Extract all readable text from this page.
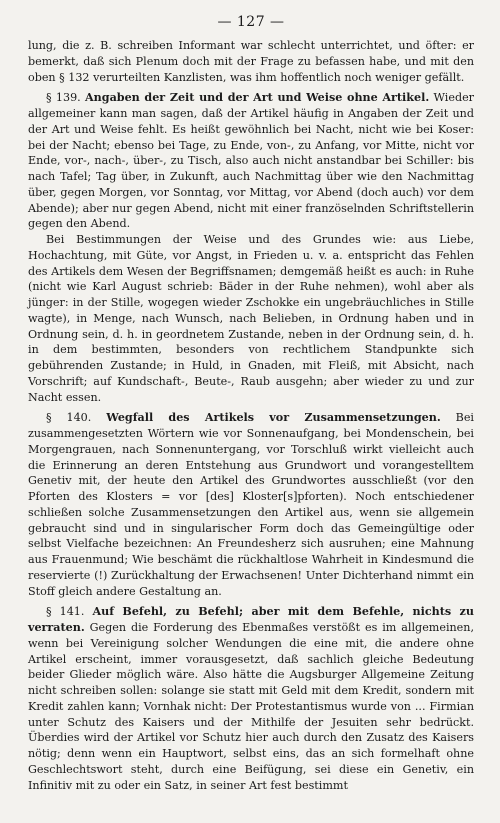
— 127 —

lung, die z. B. schreiben Informant war schlecht unterrichtet, und öfter: er bemerkt, daß sich Plenum doch mit der Frage zu befassen habe, und mit den oben § 132 verurteilten Kanzlisten, was ihm hoffentlich noch weniger gefällt.

§ 139. Angaben der Zeit und der Art und Weise ohne Artikel. Wieder allgemeiner kann man sagen, daß der Artikel häufig in Angaben der Zeit und der Art und Weise fehlt. Es heißt gewöhnlich bei Nacht, nicht wie bei Koser: bei der Nacht; ebenso bei Tage, zu Ende, von-, zu Anfang, vor Mitte, nicht vor Ende, vor-, nach-, über-, zu Tisch, also auch nicht anstandbar bei Schiller: bis nach Tafel; Tag über, in Zukunft, auch Nachmittag über wie den Nachmittag über, gegen Morgen, vor Sonntag, vor Mittag, vor Abend (doch auch) vor dem Abende); aber nur gegen Abend, nicht mit einer französelnden Schriftstellerin gegen den Abend.

Bei Bestimmungen der Weise und des Grundes wie: aus Liebe, Hochachtung, mit Güte, vor Angst, in Frieden u. v. a. entspricht das Fehlen des Artikels dem Wesen der Begriffsnamen; demgemäß heißt es auch: in Ruhe (nicht wie Karl August schrieb: Bäder in der Ruhe nehmen), wohl aber als jünger: in der Stille, wogegen wieder Zschokke ein ungebräuchliches in Stille wagte), in Menge, nach Wunsch, nach Belieben, in Ordnung haben und in Ordnung sein, d. h. in geordnetem Zustande, neben in der Ordnung sein, d. h. in dem bestimmten, besonders von rechtlichem Standpunkte sich gebührenden Zustande; in Huld, in Gnaden, mit Fleiß, mit Absicht, nach Vorschrift; auf Kundschaft-, Beute-, Raub ausgehn; aber wieder zu und zur Nacht essen.

§ 140. Wegfall des Artikels vor Zusammensetzungen. Bei zusammengesetzten Wörtern wie vor Sonnenaufgang, bei Mondenschein, bei Morgengrauen, nach Sonnenuntergang, vor Torschluß wirkt vielleicht auch die Erinnerung an deren Entstehung aus Grundwort und vorangestelltem Genetiv mit, der heute den Artikel des Grundwortes ausschließt (vor den Pforten des Klosters = vor [des] Kloster[s]pforten). Noch entschiedener schließen solche Zusammensetzungen den Artikel aus, wenn sie allgemein gebraucht sind und in singularischer Form doch das Gemeingültige oder selbst Vielfache bezeichnen: An Freundesherz sich ausruhen; eine Mahnung aus Frauenmund; Wie beschämt die rückhaltlose Wahrheit in Kindesmund die reservierte (!) Zurückhaltung der Erwachsenen! Unter Dichterhand nimmt ein Stoff gleich andere Gestaltung an.

§ 141. Auf Befehl, zu Befehl; aber mit dem Befehle, nichts zu verraten. Gegen die Forderung des Ebenmaßes verstößt es im allgemeinen, wenn bei Vereinigung solcher Wendungen die eine mit, die andere ohne Artikel erscheint, immer vorausgesetzt, daß sachlich gleiche Bedeutung beider Glieder möglich wäre. Also hätte die Augsburger Allgemeine Zeitung nicht schreiben sollen: solange sie statt mit Geld mit dem Kredit, sondern mit Kredit zahlen kann; Vornhak nicht: Der Protestantismus wurde von ... Firmian unter Schutz des Kaisers und der Mithilfe der Jesuiten sehr bedrückt. Überdies wird der Artikel vor Schutz hier auch durch den Zusatz des Kaisers nötig; denn wenn ein Hauptwort, selbst eins, das an sich formelhaft ohne Geschlechtswort steht, durch eine Beifügung, sei diese ein Genetiv, ein Infinitiv mit zu oder ein Satz, in seiner Art fest bestimmt
